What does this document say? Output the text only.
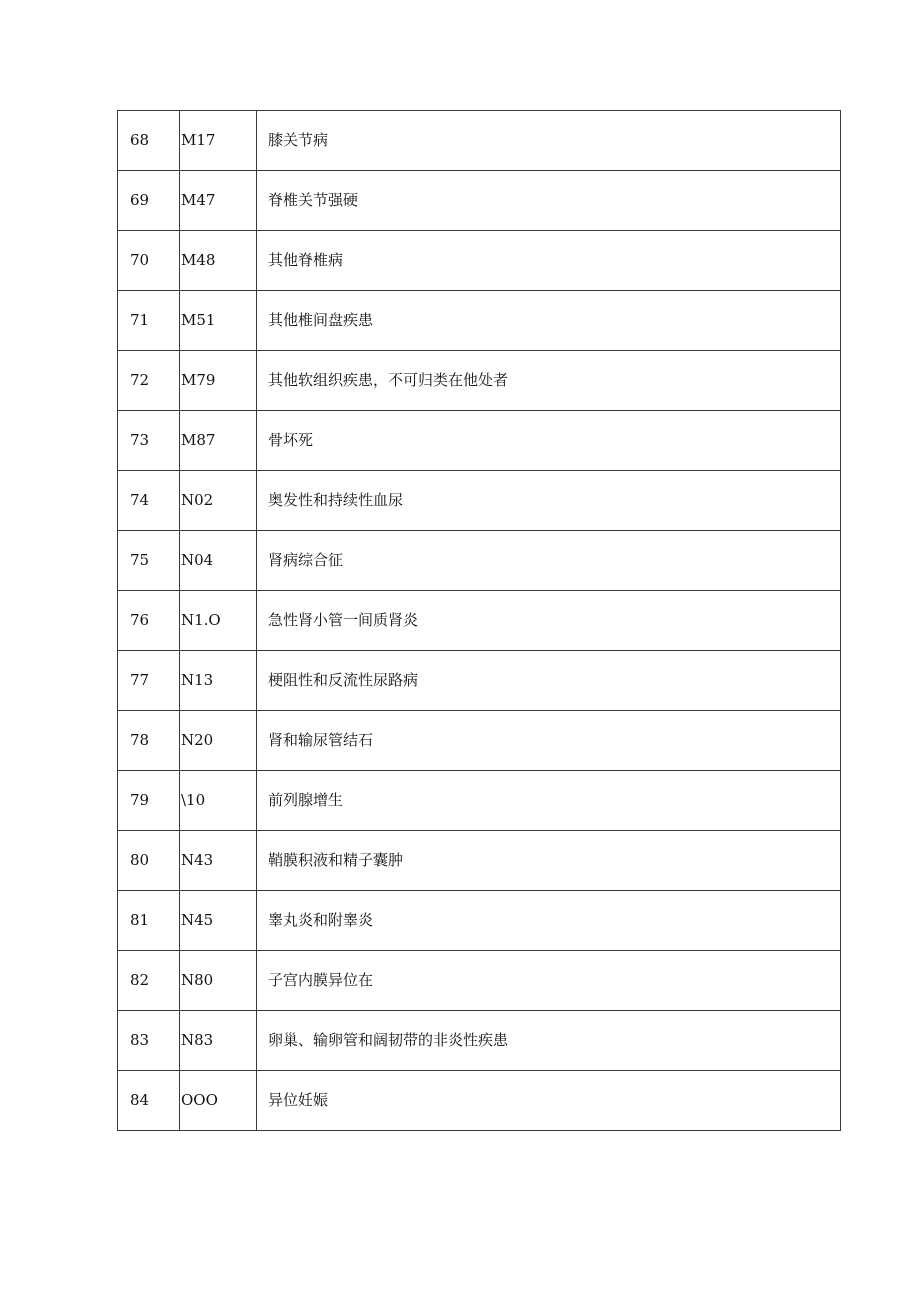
68	M17	膝关节病
69	M47	脊椎关节强硬
70	M48	其他脊椎病
71	M51	其他椎间盘疾患
72	M79	其他软组织疾患，不可归类在他处者
73	M87	骨坏死
74	N02	奥发性和持续性血尿
75	N04	肾病综合征
76	N1.O	急性肾小管一间质肾炎
77	N13	梗阻性和反流性尿路病
78	N20	肾和输尿管结石
79	\10	前列腺增生
80	N43	鞘膜积液和精子囊肿
81	N45	睾丸炎和附睾炎
82	N80	子宫内膜异位在
83	N83	卵巢、输卵管和阔韧带的非炎性疾患
84	OOO	异位妊娠
